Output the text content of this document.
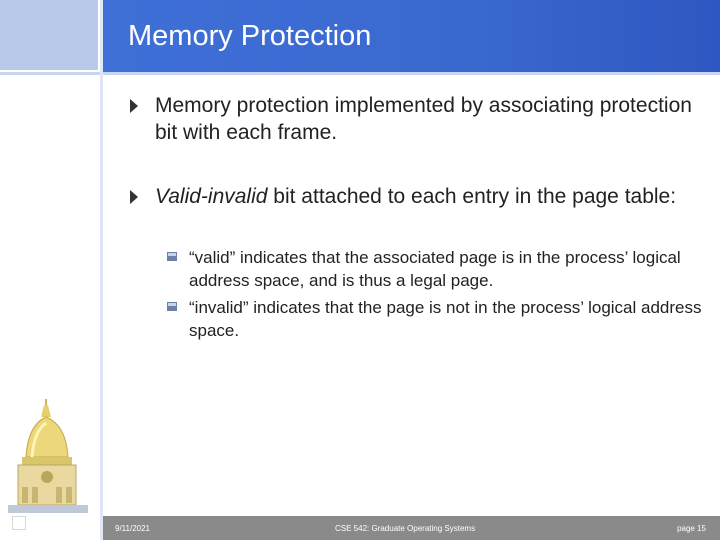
Memory Protection
Memory protection implemented by associating protection bit with each frame.
Valid-invalid bit attached to each entry in the page table:
“valid” indicates that the associated page is in the process’ logical address space, and is thus a legal page.
“invalid” indicates that the page is not in the process’ logical address space.
9/11/2021	CSE 542: Graduate Operating Systems	page 15
